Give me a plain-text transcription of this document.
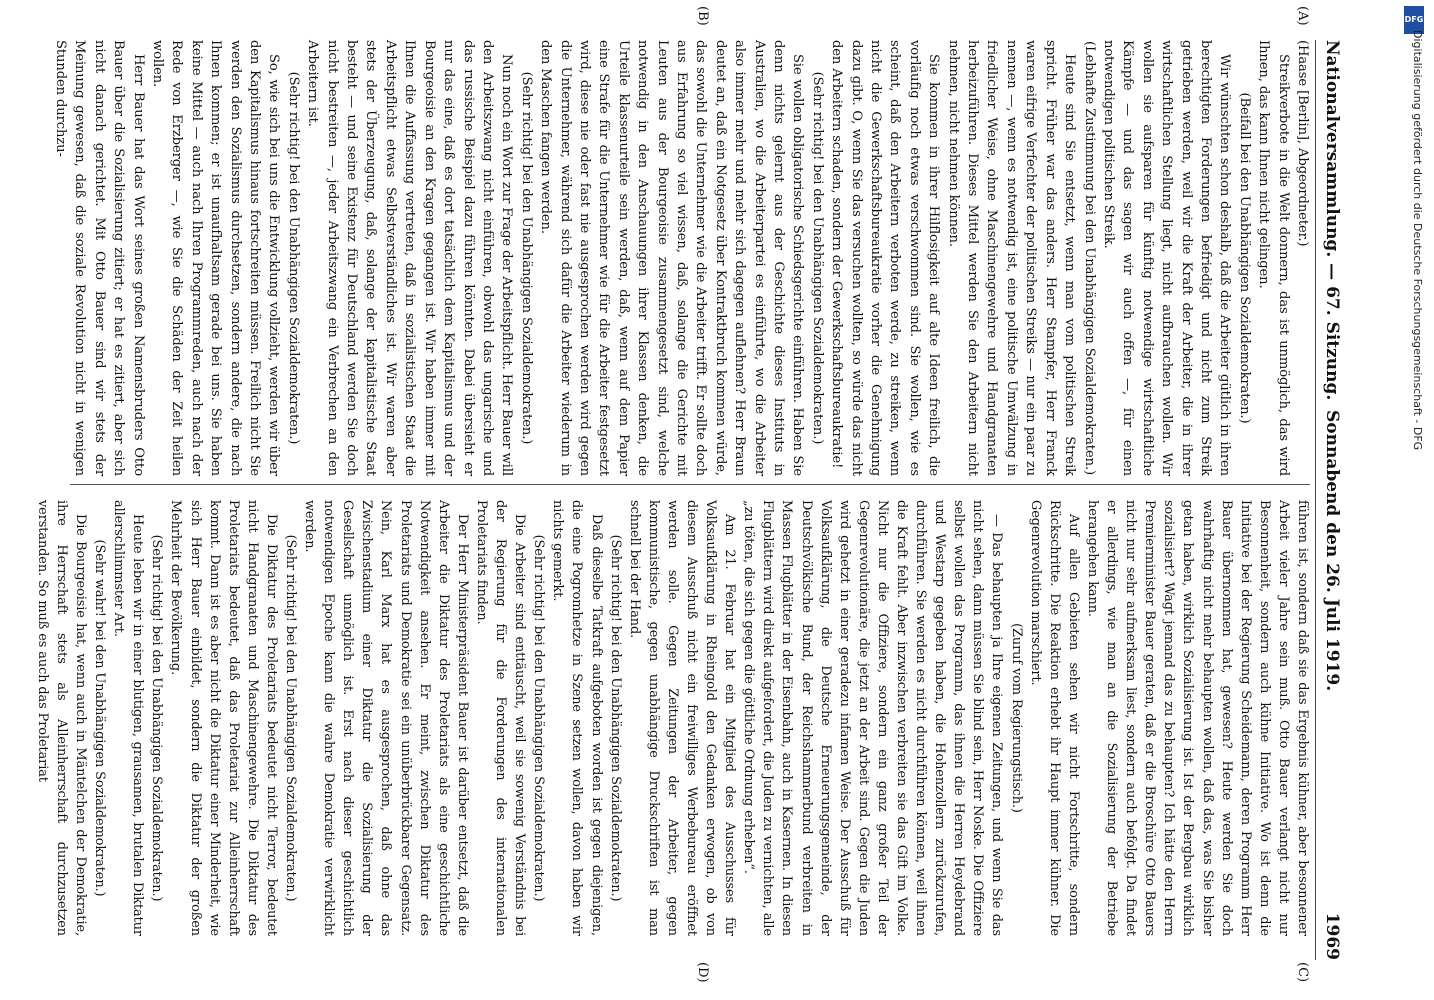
Nationalversammlung. — 67. Sitzung.
Sonnabend den 26. Juli 1919.
1969
(A)
(B)
(C)
(D)

(Haase [Berlin], Abgeordneter.)

Streikverbote in die Welt donnern, das ist unmöglich, das wird Ihnen, das kann Ihnen nicht gelingen.

(Beifall bei den Unabhängigen Sozialdemokraten.)

Wir wünschten schon deshalb, daß die Arbeiter gütlich in ihren berechtigten Forderungen befriedigt und nicht zum Streik getrieben werden, weil wir die Kraft der Arbeiter, die in ihrer wirtschaftlichen Stellung liegt, nicht aufbrauchen wollen. Wir wollen sie aufsparen für künftig notwendige wirtschaftliche Kämpfe — und das sagen wir auch offen —, für einen notwendigen politischen Streik.

(Lebhafte Zustimmung bei den Unabhängigen Sozialdemokraten.)

Heute sind Sie entsetzt, wenn man vom politischen Streik spricht. Früher war das anders. Herr Stampfer, Herr Franck waren eifrige Verfechter der politischen Streiks — nur ein paar zu nennen —, wenn es notwendig ist, eine politische Umwälzung in friedlicher Weise, ohne Maschinengewehre und Handgranaten herbeizuführen. Dieses Mittel werden Sie den Arbeitern nicht nehmen, nicht nehmen können.

Sie kommen in ihrer Hilflosigkeit auf alte Ideen freilich, die vorläufig noch etwas verschwommen sind. Sie wollen, wie es scheint, daß den Arbeitern verboten werde, zu streiken, wenn nicht die Gewerkschaftsbureaukratie vorher die Genehmigung dazu gibt. O, wenn Sie das versuchen wollten, so würde das nicht den Arbeitern schaden, sondern der Gewerkschaftsbureaukratie!

(Sehr richtig! bei den Unabhängigen Sozialdemokraten.)

Sie wollen obligatorische Schiedsgerichte einführen. Haben Sie denn nichts gelernt aus der Geschichte dieses Instituts in Australien, wo die Arbeiterpartei es einführte, wo die Arbeiter also immer mehr und mehr sich dagegen auflehnen? Herr Braun deutet an, daß ein Notgesetz über Kontraktbruch kommen würde, das sowohl die Unternehmer wie die Arbeiter trifft. Er sollte doch aus Erfahrung so viel wissen, daß, solange die Gerichte mit Leuten aus der Bourgeoisie zusammengesetzt sind, welche notwendig in den Anschauungen ihrer Klassen denken, die Urteile klassenurteile sein werden, daß, wenn auf dem Papier eine Strafe für die Unternehmer wie für die Arbeiter festgesetzt wird, diese nie oder fast nie ausgesprochen werden wird gegen die Unternehmer, während sich dafür die Arbeiter wiederum in den Maschen fangen werden.

(Sehr richtig! bei den Unabhängigen Sozialdemokraten.)

Nun noch ein Wort zur Frage der Arbeitspflicht. Herr Bauer will den Arbeitszwang nicht einführen, obwohl das ungarische und das russische Beispiel dazu führen könnten. Dabei übersieht er nur das eine, daß es dort tatsächlich dem Kapitalismus und der Bourgeoisie an den Kragen gegangen ist. Wir haben immer mit Ihnen die Auffassung vertreten, daß in sozialistischen Staat die Arbeitspflicht etwas Selbstverständliches ist. Wir waren aber stets der Überzeugung, daß, solange der kapitalistische Staat besteht — und seine Existenz für Deutschland werden Sie doch nicht bestreiten —, jeder Arbeitszwang ein Verbrechen an den Arbeitern ist.

(Sehr richtig! bei den Unabhängigen Sozialdemokraten.)

So, wie sich bei uns die Entwicklung vollzieht, werden wir über den Kapitalismus hinaus fortschreiten müssen. Freilich nicht Sie werden den Sozialismus durchsetzen, sondern andere, die nach Ihnen kommen; er ist unaufhaltsam gerade bei uns. Sie haben keine Mittel — auch nach Ihren Programmreden, auch nach der Rede von Erzberger —, wie Sie die Schäden der Zeit heilen wollen.

Herr Bauer hat das Wort seines großen Namensbruders Otto Bauer über die Sozialisierung zitiert; er hat es zitiert, aber sich nicht danach gerichtet. Mit Otto Bauer sind wir stets der Meinung gewesen, daß die soziale Revolution nicht in wenigen Stunden durchzu-

führen ist, sondern daß sie das Ergebnis kühner, aber besonnener Arbeit vieler Jahre sein muß. Otto Bauer verlangt nicht nur Besonnenheit, sondern auch kühne Initiative. Wo ist denn die Initiative bei der Regierung Scheidemann, deren Programm Herr Bauer übernommen hat, gewesen? Heute werden Sie doch wahrhaftig nicht mehr behaupten wollen, daß das, was Sie bisher getan haben, wirklich Sozialisierung ist. Ist der Bergbau wirklich sozialisiert? Wagt jemand das zu behaupten? Ich hätte den Herrn Premierminister Bauer geraten, daß er die Broschüre Otto Bauers nicht nur sehr aufmerksam liest, sondern auch befolgt. Da findet er allerdings, wie man an die Sozialisierung der Betriebe herangehen kann.

Auf allen Gebieten sehen wir nicht Fortschritte, sondern Rückschritte. Die Reaktion erhebt ihr Haupt immer kühner. Die Gegenrevolution marschiert.

(Zuruf vom Regierungstisch.)

— Das behaupten ja Ihre eigenen Zeitungen, und wenn Sie das nicht sehen, dann müssen Sie blind sein, Herr Noske. Die Offiziere selbst wollen das Programm, das ihnen die Herren Heydebrand und Westarp gegeben haben, die Hohenzollern zurückzurufen, durchführen. Sie werden es nicht durchführen können, weil ihnen die Kraft fehlt. Aber inzwischen verbreiten sie das Gift im Volke. Nicht nur die Offiziere, sondern ein ganz großer Teil der Gegenrevolutionäre, die jetzt an der Arbeit sind. Gegen die Juden wird gehetzt in einer geradezu infamen Weise. Der Ausschuß für Volksaufklärung, die Deutsche Erneuerungsgemeinde, der Deutschvölkische Bund, der Reichshammerbund verbreiten in Massen Flugblätter in der Eisenbahn, auch in Kasernen. In diesen Flugblättern wird direkt aufgefordert, die Juden zu vernichten, alle „zu töten, die sich gegen die göttliche Ordnung erheben“.

Am 21. Februar hat ein Mitglied des Ausschusses für Volksaufklärung in Rheingold den Gedanken erwogen, ob von diesem Ausschuß nicht ein freiwilliges Werbebureau eröffnet werden solle. Gegen Zeitungen der Arbeiter, gegen kommunistische, gegen unabhängige Druckschriften ist man schnell bei der Hand.

(Sehr richtig! bei den Unabhängigen Sozialdemokraten.)

Daß dieselbe Tatkraft aufgeboten worden ist gegen diejenigen, die eine Pogromhetze in Szene setzen wollen, davon haben wir nichts gemerkt.

(Sehr richtig! bei den Unabhängigen Sozialdemokraten.)

Die Arbeiter sind enttäuscht, weil sie sowenig Verständnis bei der Regierung für die Forderungen des internationalen Proletariats finden.

Der Herr Ministerpräsident Bauer ist darüber entsetzt, daß die Arbeiter die Diktatur des Proletariats als eine geschichtliche Notwendigkeit ansehen. Er meint, zwischen Diktatur des Proletariats und Demokratie sei ein unüberbrückbarer Gegensatz. Nein, Karl Marx hat es ausgesprochen, daß ohne das Zwischenstadium einer Diktatur die Sozialisierung der Gesellschaft unmöglich ist. Erst nach dieser geschichtlich notwendigen Epoche kann die wahre Demokratie verwirklicht werden.

(Sehr richtig! bei den Unabhängigen Sozialdemokraten.)

Die Diktatur des Proletariats bedeutet nicht Terror, bedeutet nicht Handgranaten und Maschinengewehre. Die Diktatur des Proletariats bedeutet, daß das Proletariat zur Alleinherrschaft kommt. Dann ist es aber nicht die Diktatur einer Minderheit, wie sich Herr Bauer einbildet, sondern die Diktatur der großen Mehrheit der Bevölkerung.

(Sehr richtig! bei den Unabhängigen Sozialdemokraten.)

Heute leben wir in einer blutigen, grausamen, brutalen Diktatur allerschlimmster Art.

(Sehr wahr! bei den Unabhängigen Sozialdemokraten.)

Die Bourgeoisie hat, wenn auch in Mäntelchen der Demokratie, ihre Herrschaft stets als Alleinherrschaft durchzusetzen verstanden. So muß es auch das Proletariat

DFG
Digitalisierung gefördert durch die Deutsche Forschungsgemeinschaft - DFG
